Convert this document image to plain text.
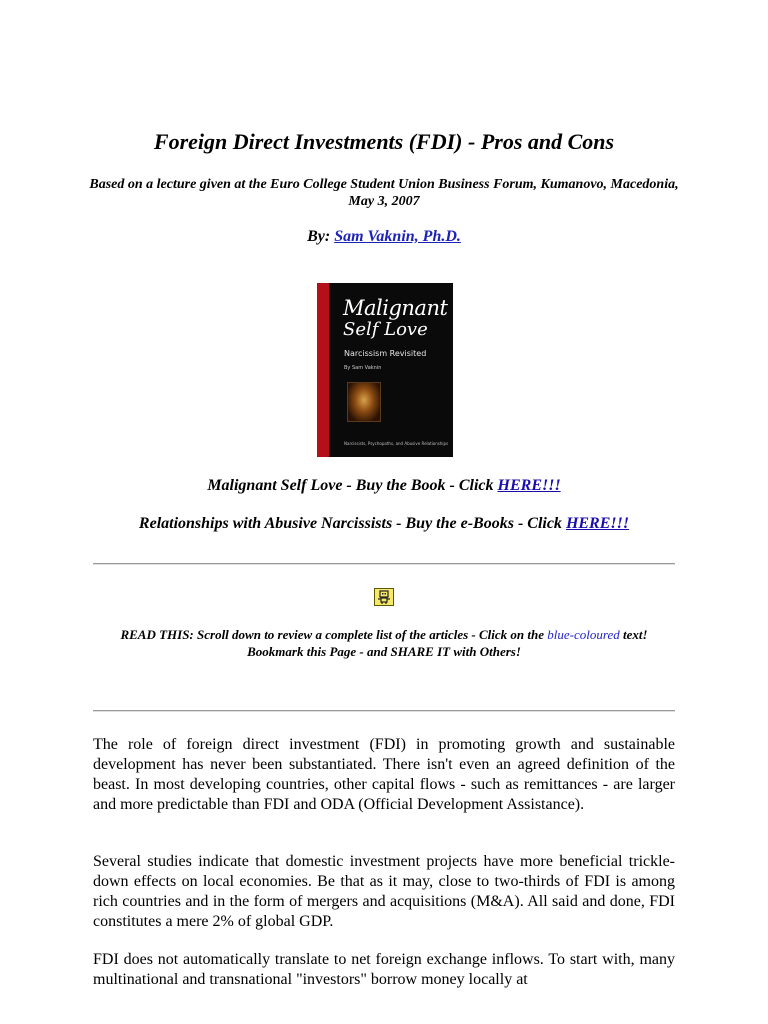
Foreign Direct Investments (FDI) - Pros and Cons
Based on a lecture given at the Euro College Student Union Business Forum, Kumanovo, Macedonia, May 3, 2007
By: Sam Vaknin, Ph.D.
Malignant
Self Love
Narcissism Revisited
By Sam Vaknin
Narcissists, Psychopaths, and Abusive Relationships
Malignant Self Love - Buy the Book - Click HERE!!!
Relationships with Abusive Narcissists - Buy the e-Books - Click HERE!!!
READ THIS: Scroll down to review a complete list of the articles - Click on the blue-coloured text!
Bookmark this Page - and SHARE IT with Others!

The role of foreign direct investment (FDI) in promoting growth and sustainable development has never been substantiated. There isn't even an agreed definition of the beast. In most developing countries, other capital flows - such as remittances - are larger and more predictable than FDI and ODA (Official Development Assistance).

Several studies indicate that domestic investment projects have more beneficial trickle-down effects on local economies. Be that as it may, close to two-thirds of FDI is among rich countries and in the form of mergers and acquisitions (M&A). All said and done, FDI constitutes a mere 2% of global GDP.

FDI does not automatically translate to net foreign exchange inflows. To start with, many multinational and transnational "investors" borrow money locally at
